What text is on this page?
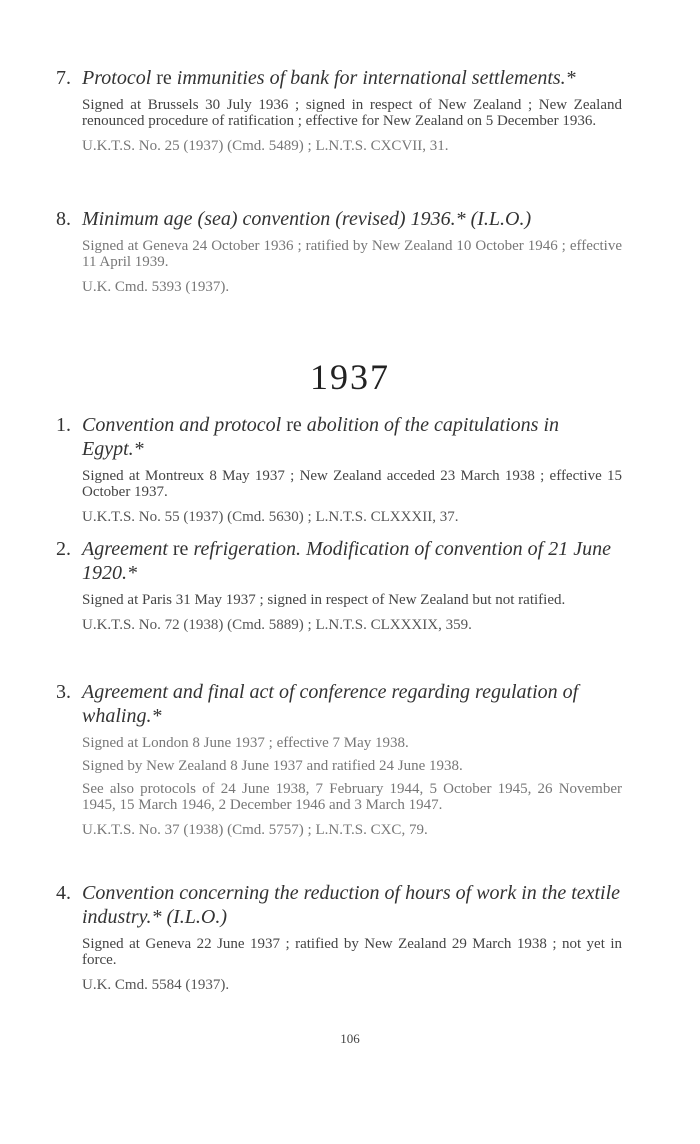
7. Protocol re immunities of bank for international settlements.*
Signed at Brussels 30 July 1936 ; signed in respect of New Zealand ; New Zealand renounced procedure of ratification ; effective for New Zealand on 5 December 1936.
U.K.T.S. No. 25 (1937) (Cmd. 5489) ; L.N.T.S. CXCVII, 31.
8. Minimum age (sea) convention (revised) 1936.* (I.L.O.)
Signed at Geneva 24 October 1936 ; ratified by New Zealand 10 October 1946 ; effective 11 April 1939.
U.K. Cmd. 5393 (1937).
1937
1. Convention and protocol re abolition of the capitulations in Egypt.*
Signed at Montreux 8 May 1937 ; New Zealand acceded 23 March 1938 ; effective 15 October 1937.
U.K.T.S. No. 55 (1937) (Cmd. 5630) ; L.N.T.S. CLXXXII, 37.
2. Agreement re refrigeration. Modification of convention of 21 June 1920.*
Signed at Paris 31 May 1937 ; signed in respect of New Zealand but not ratified.
U.K.T.S. No. 72 (1938) (Cmd. 5889) ; L.N.T.S. CLXXXIX, 359.
3. Agreement and final act of conference regarding regulation of whaling.*
Signed at London 8 June 1937 ; effective 7 May 1938.
Signed by New Zealand 8 June 1937 and ratified 24 June 1938.
See also protocols of 24 June 1938, 7 February 1944, 5 October 1945, 26 November 1945, 15 March 1946, 2 December 1946 and 3 March 1947.
U.K.T.S. No. 37 (1938) (Cmd. 5757) ; L.N.T.S. CXC, 79.
4. Convention concerning the reduction of hours of work in the textile industry.* (I.L.O.)
Signed at Geneva 22 June 1937 ; ratified by New Zealand 29 March 1938 ; not yet in force.
U.K. Cmd. 5584 (1937).
106
